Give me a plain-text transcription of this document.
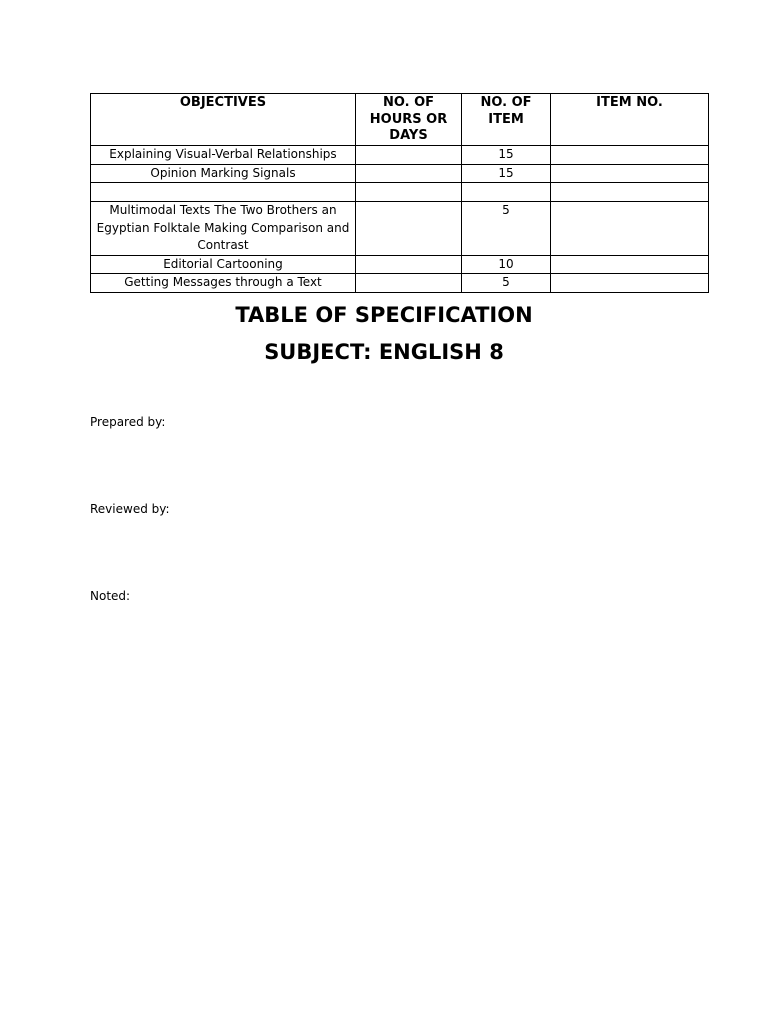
OBJECTIVES	NO. OF HOURS OR DAYS	NO. OF ITEM	ITEM NO.
Explaining Visual-Verbal Relationships		15	
Opinion Marking Signals		15	

Multimodal Texts The Two Brothers an Egyptian Folktale Making Comparison and Contrast		5	
Editorial Cartooning		10	
Getting Messages through a Text		5	
TABLE OF SPECIFICATION
SUBJECT: ENGLISH 8
Prepared by:
Reviewed by:
Noted:
